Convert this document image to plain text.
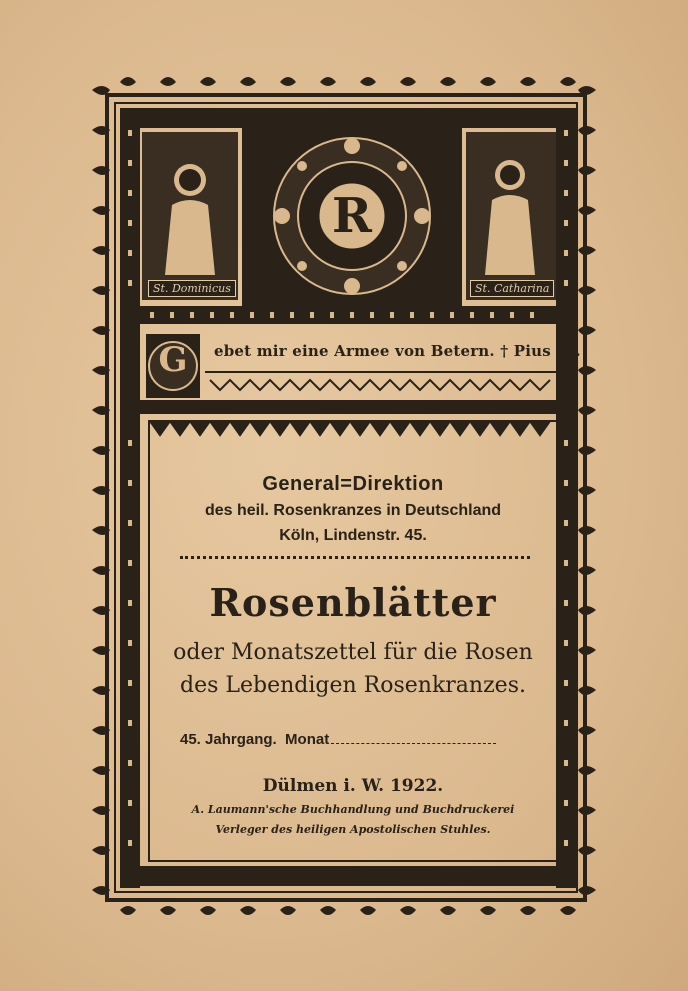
R
St. Dominicus	St. Catharina
G ebet mir eine Armee von Betern. † Pius IX.
General=Direktion
des heil. Rosenkranzes in Deutschland
Köln, Lindenstr. 45.
Rosenblätter
oder Monatszettel für die Rosen
des Lebendigen Rosenkranzes.
45. Jahrgang. Monat
Dülmen i. W. 1922.
A. Laumann'sche Buchhandlung und Buchdruckerei
Verleger des heiligen Apostolischen Stuhles.
